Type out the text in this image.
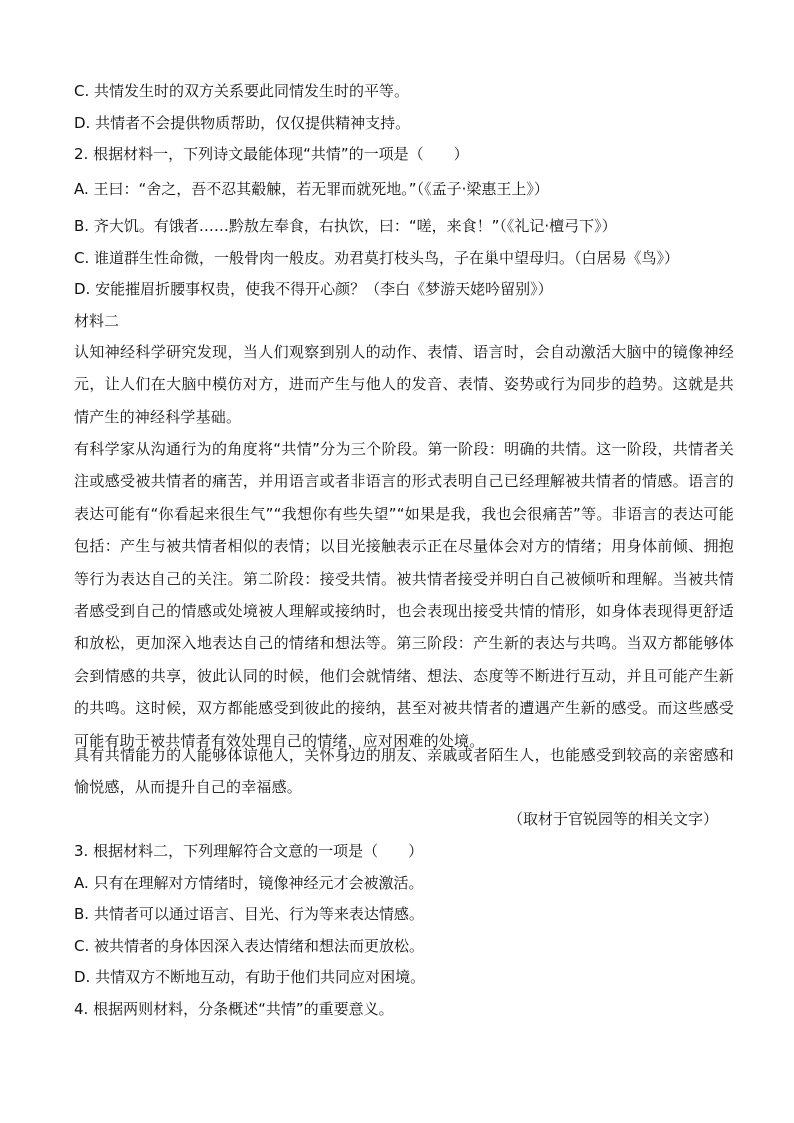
C. 共情发生时的双方关系要此同情发生时的平等。
D. 共情者不会提供物质帮助，仅仅提供精神支持。
2. 根据材料一，下列诗文最能体现“共情”的一项是（　　）
A. 王曰：“舍之，吾不忍其觳觫，若无罪而就死地。”（《孟子·梁惠王上》）
B. 齐大饥。有饿者……黔敖左奉食，右执饮，曰：“嗟，来食！”（《礼记·檀弓下》）
C. 谁道群生性命微，一般骨肉一般皮。劝君莫打枝头鸟，子在巢中望母归。（白居易《鸟》）
D. 安能摧眉折腰事权贵，使我不得开心颜？（李白《梦游天姥吟留别》）
材料二
认知神经科学研究发现，当人们观察到别人的动作、表情、语言时，会自动激活大脑中的镜像神经元，让人们在大脑中模仿对方，进而产生与他人的发音、表情、姿势或行为同步的趋势。这就是共情产生的神经科学基础。
有科学家从沟通行为的角度将“共情”分为三个阶段。第一阶段：明确的共情。这一阶段，共情者关注或感受被共情者的痛苦，并用语言或者非语言的形式表明自己已经理解被共情者的情感。语言的表达可能有“你看起来很生气”“我想你有些失望”“如果是我，我也会很痛苦”等。非语言的表达可能包括：产生与被共情者相似的表情；以目光接触表示正在尽量体会对方的情绪；用身体前倾、拥抱等行为表达自己的关注。第二阶段：接受共情。被共情者接受并明白自己被倾听和理解。当被共情者感受到自己的情感或处境被人理解或接纳时，也会表现出接受共情的情形，如身体表现得更舒适和放松，更加深入地表达自己的情绪和想法等。第三阶段：产生新的表达与共鸣。当双方都能够体会到情感的共享，彼此认同的时候，他们会就情绪、想法、态度等不断进行互动，并且可能产生新的共鸣。这时候，双方都能感受到彼此的接纳，甚至对被共情者的遭遇产生新的感受。而这些感受可能有助于被共情者有效处理自己的情绪，应对困难的处境。
具有共情能力的人能够体谅他人，关怀身边的朋友、亲戚或者陌生人，也能感受到较高的亲密感和愉悦感，从而提升自己的幸福感。
（取材于官锐园等的相关文字）
3. 根据材料二，下列理解符合文意的一项是（　　）
A. 只有在理解对方情绪时，镜像神经元才会被激活。
B. 共情者可以通过语言、目光、行为等来表达情感。
C. 被共情者的身体因深入表达情绪和想法而更放松。
D. 共情双方不断地互动，有助于他们共同应对困境。
4. 根据两则材料，分条概述“共情”的重要意义。
